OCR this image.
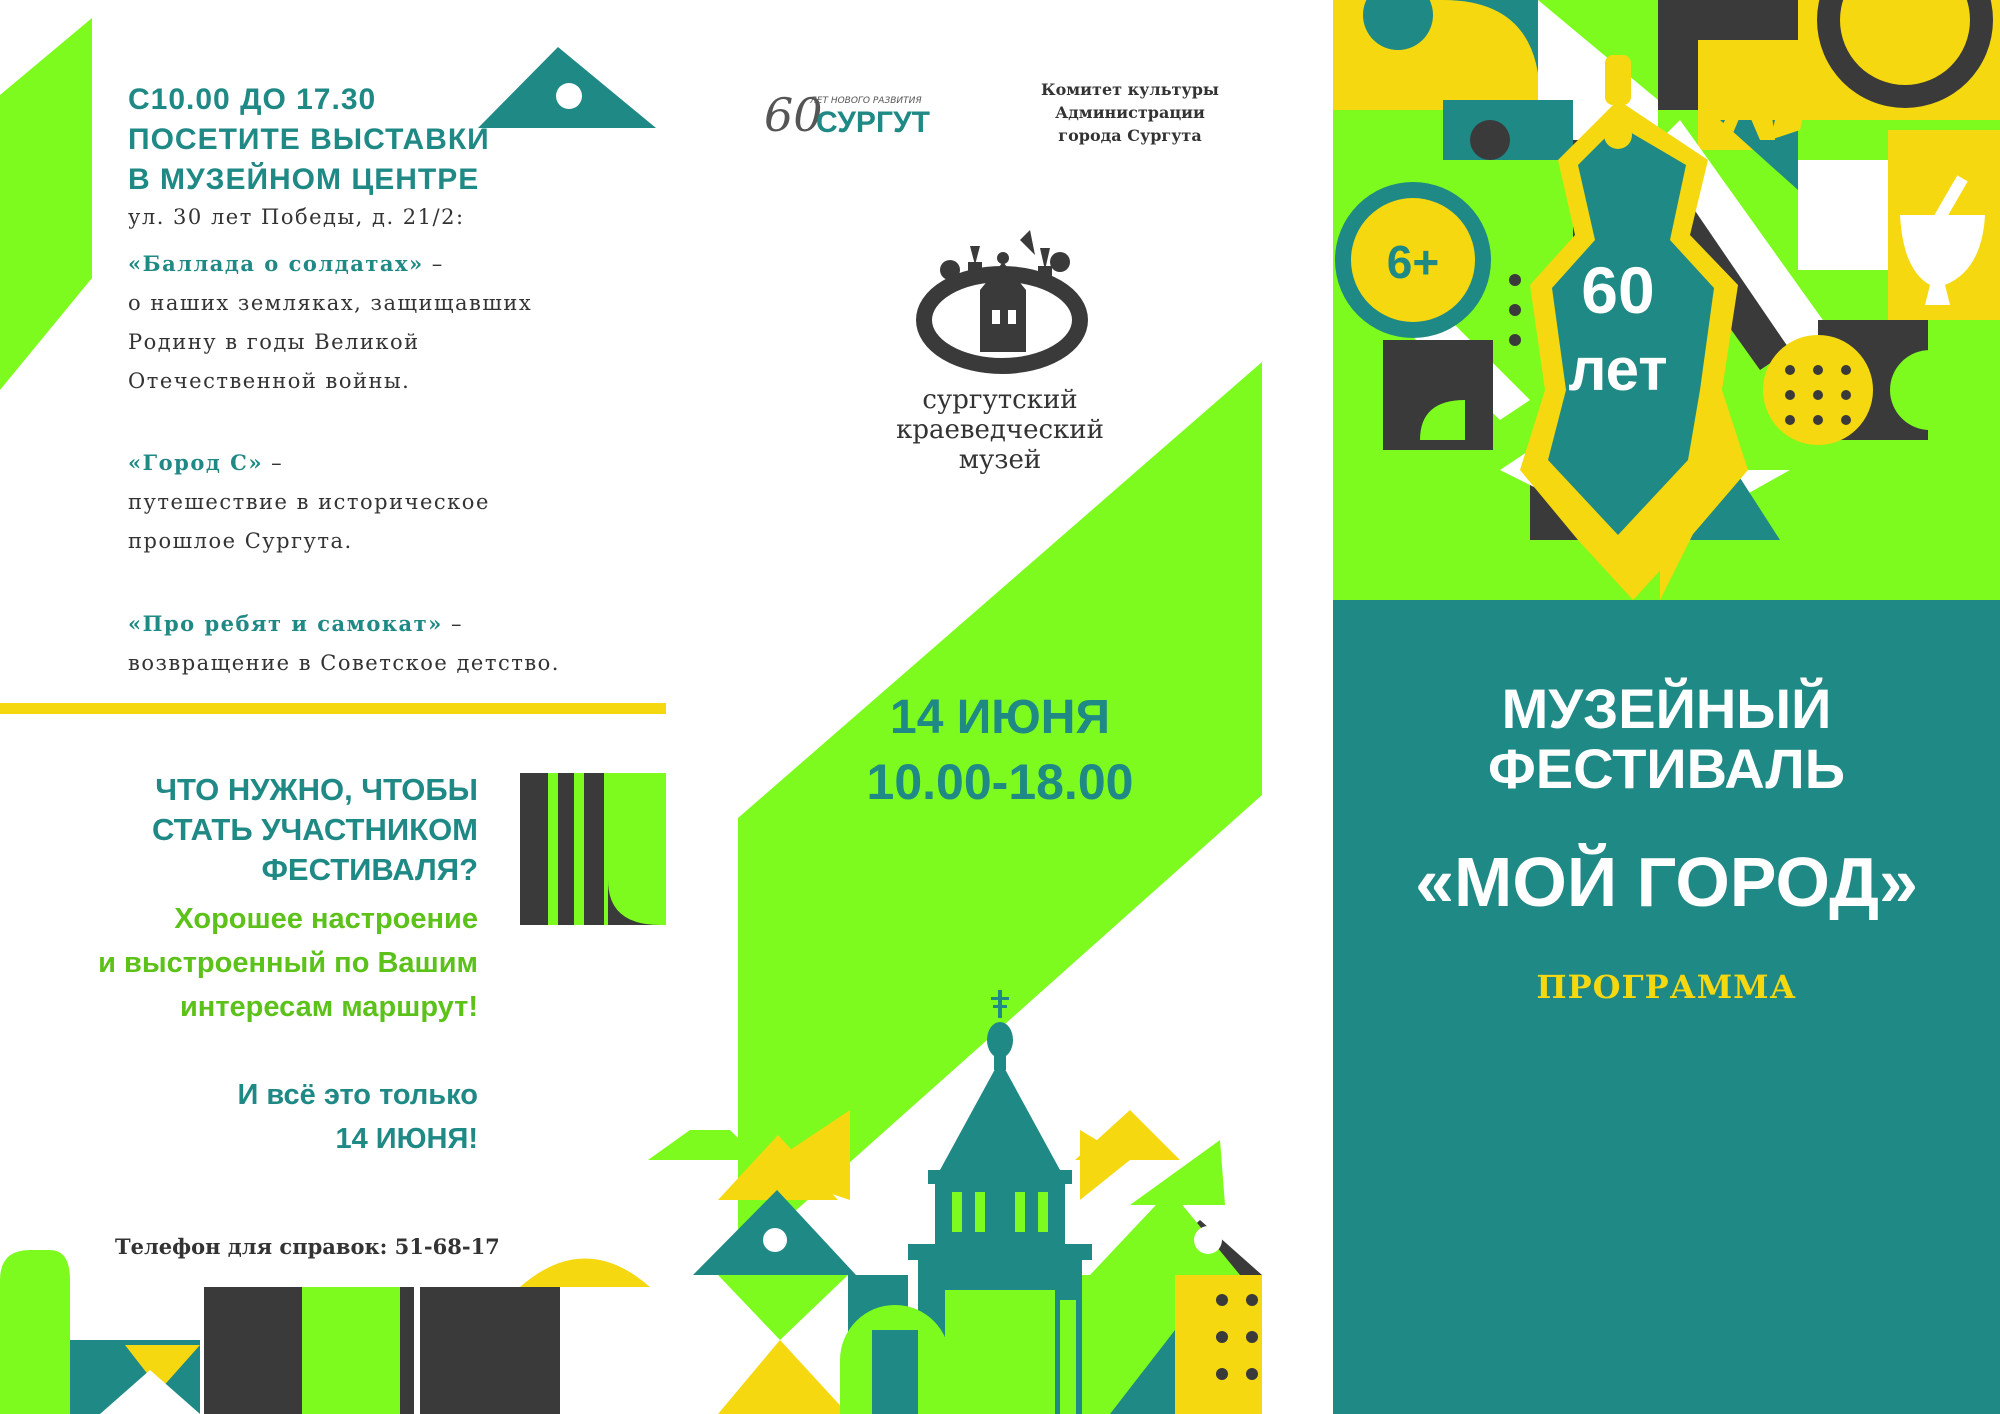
С10.00 ДО 17.30
ПОСЕТИТЕ ВЫСТАВКИ
В МУЗЕЙНОМ ЦЕНТРЕ
ул. 30 лет Победы, д. 21/2:
«Баллада о солдатах» –
о наших земляках, защищавших
Родину в годы Великой
Отечественной войны.
«Город С» –
путешествие в историческое
прошлое Сургута.
«Про ребят и самокат» –
возвращение в Советское детство.
ЧТО НУЖНО, ЧТОБЫ
СТАТЬ УЧАСТНИКОМ
ФЕСТИВАЛЯ?
Хорошее настроение
и выстроенный по Вашим
интересам маршрут!
И всё это только
14 ИЮНЯ!
Телефон для справок: 51-68-17
60
ЛЕТ НОВОГО РАЗВИТИЯ
СУРГУТ
Комитет культуры
Администрации
города Сургута
сургутский
краеведческий
музей
14 ИЮНЯ
10.00-18.00
6+	60
лет
МУЗЕЙНЫЙ
ФЕСТИВАЛЬ
«МОЙ ГОРОД»
ПРОГРАММА
